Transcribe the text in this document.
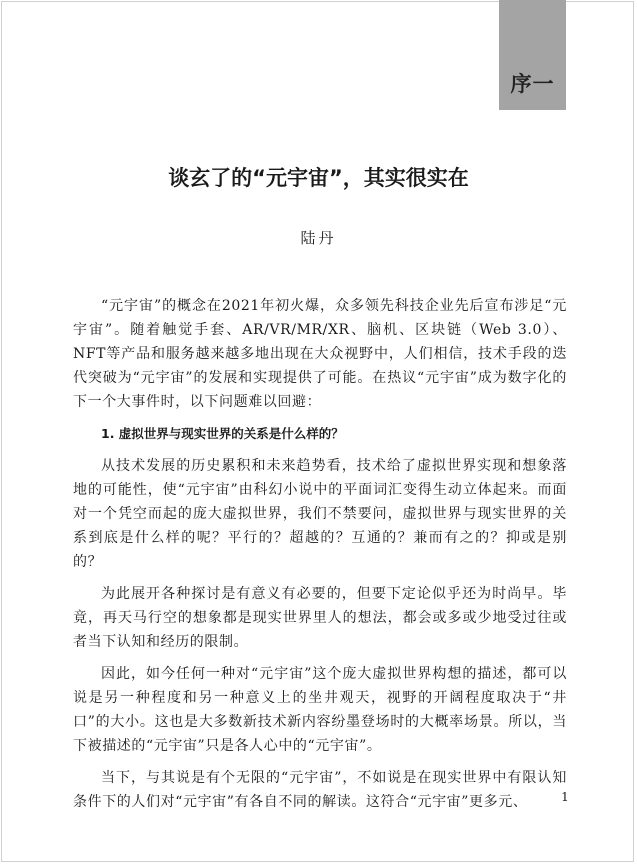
序一
谈玄了的“元宇宙”，其实很实在
陆丹

“元宇宙”的概念在2021年初火爆，众多领先科技企业先后宣布涉足“元宇宙”。随着触觉手套、AR/VR/MR/XR、脑机、区块链（Web 3.0）、NFT等产品和服务越来越多地出现在大众视野中，人们相信，技术手段的迭代突破为“元宇宙”的发展和实现提供了可能。在热议“元宇宙”成为数字化的下一个大事件时，以下问题难以回避：

1. 虚拟世界与现实世界的关系是什么样的？

从技术发展的历史累积和未来趋势看，技术给了虚拟世界实现和想象落地的可能性，使“元宇宙”由科幻小说中的平面词汇变得生动立体起来。而面对一个凭空而起的庞大虚拟世界，我们不禁要问，虚拟世界与现实世界的关系到底是什么样的呢？平行的？超越的？互通的？兼而有之的？抑或是别的？

为此展开各种探讨是有意义有必要的，但要下定论似乎还为时尚早。毕竟，再天马行空的想象都是现实世界里人的想法，都会或多或少地受过往或者当下认知和经历的限制。

因此，如今任何一种对“元宇宙”这个庞大虚拟世界构想的描述，都可以说是另一种程度和另一种意义上的坐井观天，视野的开阔程度取决于“井口”的大小。这也是大多数新技术新内容纷墨登场时的大概率场景。所以，当下被描述的“元宇宙”只是各人心中的“元宇宙”。

当下，与其说是有个无限的“元宇宙”，不如说是在现实世界中有限认知条件下的人们对“元宇宙”有各自不同的解读。这符合“元宇宙”更多元、	1
